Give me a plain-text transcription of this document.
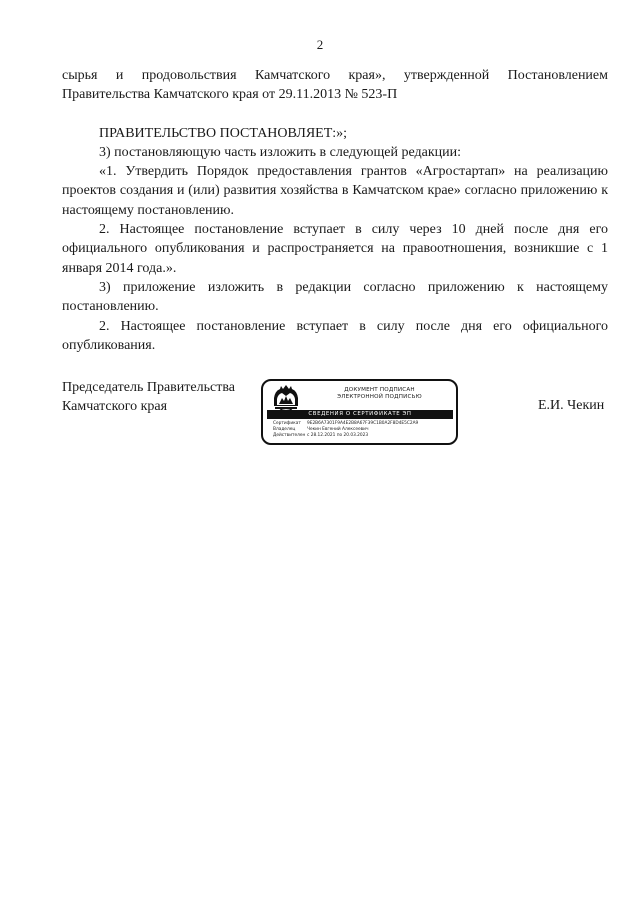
2

сырья и продовольствия Камчатского края», утвержденной Постановлением Правительства Камчатского края от 29.11.2013 № 523-П

ПРАВИТЕЛЬСТВО ПОСТАНОВЛЯЕТ:»;

3) постановляющую часть изложить в следующей редакции:

«1. Утвердить Порядок предоставления грантов «Агростартап» на реализацию проектов создания и (или) развития хозяйства в Камчатском крае» согласно приложению к настоящему постановлению.

2. Настоящее постановление вступает в силу через 10 дней после дня его официального опубликования и распространяется на правоотношения, возникшие с 1 января 2014 года.».

3) приложение изложить в редакции согласно приложению к настоящему постановлению.

2. Настоящее постановление вступает в силу после дня его официального опубликования.

Председатель Правительства
Камчатского края
ДОКУМЕНТ ПОДПИСАН
ЭЛЕКТРОННОЙ ПОДПИСЬЮ
СВЕДЕНИЯ О СЕРТИФИКАТЕ ЭП
Сертификат 9E2B6A7301F9A4E2B8A67F39C1B0A2F8D4E5C2A9
Владелец	Чекин Евгений Алексеевич
Действителен с 28.12.2021 по 20.03.2023
Е.И. Чекин
